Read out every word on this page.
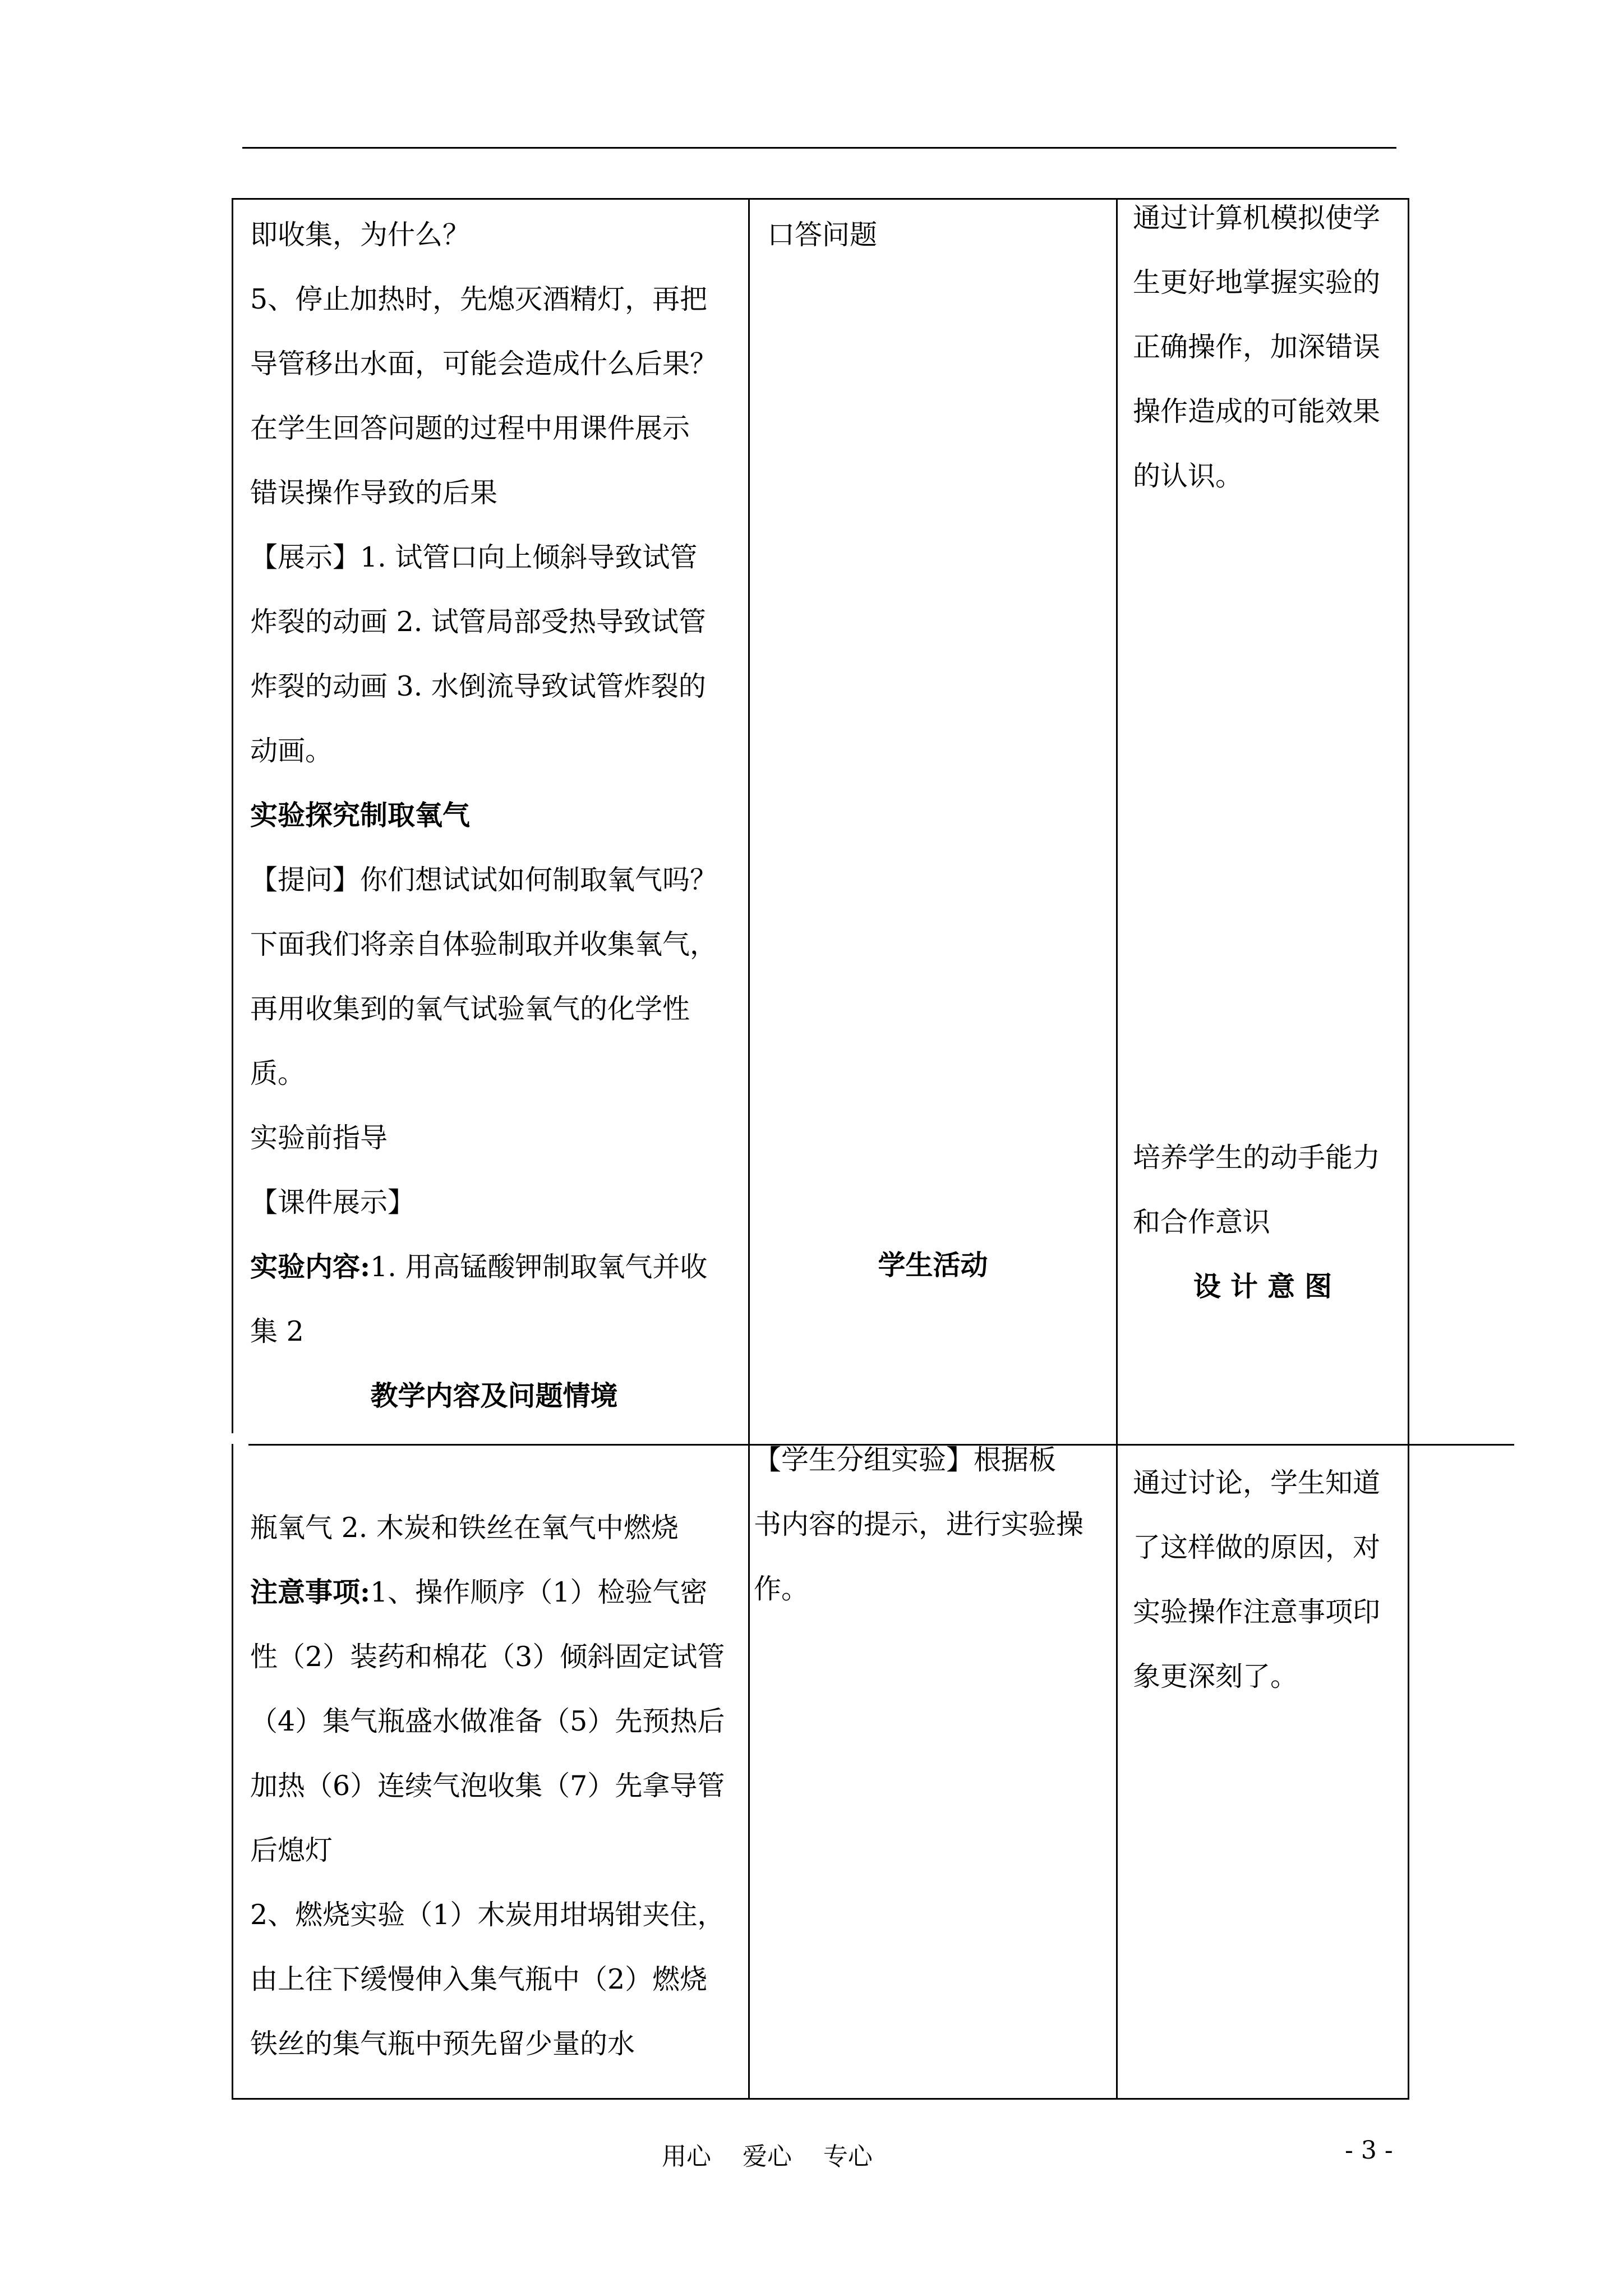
即收集，为什么？

5、停止加热时，先熄灭酒精灯，再把

导管移出水面，可能会造成什么后果？

在学生回答问题的过程中用课件展示

错误操作导致的后果

【展示】1. 试管口向上倾斜导致试管

炸裂的动画 2. 试管局部受热导致试管

炸裂的动画 3. 水倒流导致试管炸裂的

动画。

实验探究制取氧气

【提问】你们想试试如何制取氧气吗？

下面我们将亲自体验制取并收集氧气，

再用收集到的氧气试验氧气的化学性

质。

实验前指导

【课件展示】

实验内容:1. 用高锰酸钾制取氧气并收

集 2

教学内容及问题情境

口答问题

学生活动

通过计算机模拟使学

生更好地掌握实验的

正确操作，加深错误

操作造成的可能效果

的认识。

培养学生的动手能力

和合作意识

设 计 意 图

瓶氧气 2. 木炭和铁丝在氧气中燃烧

注意事项:1、操作顺序（1）检验气密

性（2）装药和棉花（3）倾斜固定试管

（4）集气瓶盛水做准备（5）先预热后

加热（6）连续气泡收集（7）先拿导管

后熄灯

2、燃烧实验（1）木炭用坩埚钳夹住，

由上往下缓慢伸入集气瓶中（2）燃烧

铁丝的集气瓶中预先留少量的水

【学生分组实验】根据板

书内容的提示，进行实验操

作。

通过讨论，学生知道

了这样做的原因，对

实验操作注意事项印

象更深刻了。

用心    爱心    专心	- 3 -
